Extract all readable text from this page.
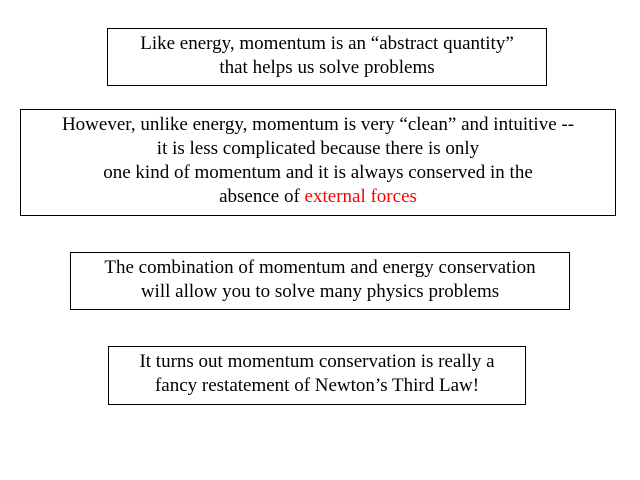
Like energy, momentum is an “abstract quantity”
that helps us solve problems
However, unlike energy, momentum is very “clean” and intuitive --
it is less complicated because there is only
one kind of momentum and it is always conserved in the
absence of external forces
The combination of momentum and energy conservation
will allow you to solve many physics problems
It turns out momentum conservation is really a
fancy restatement of Newton’s Third Law!
